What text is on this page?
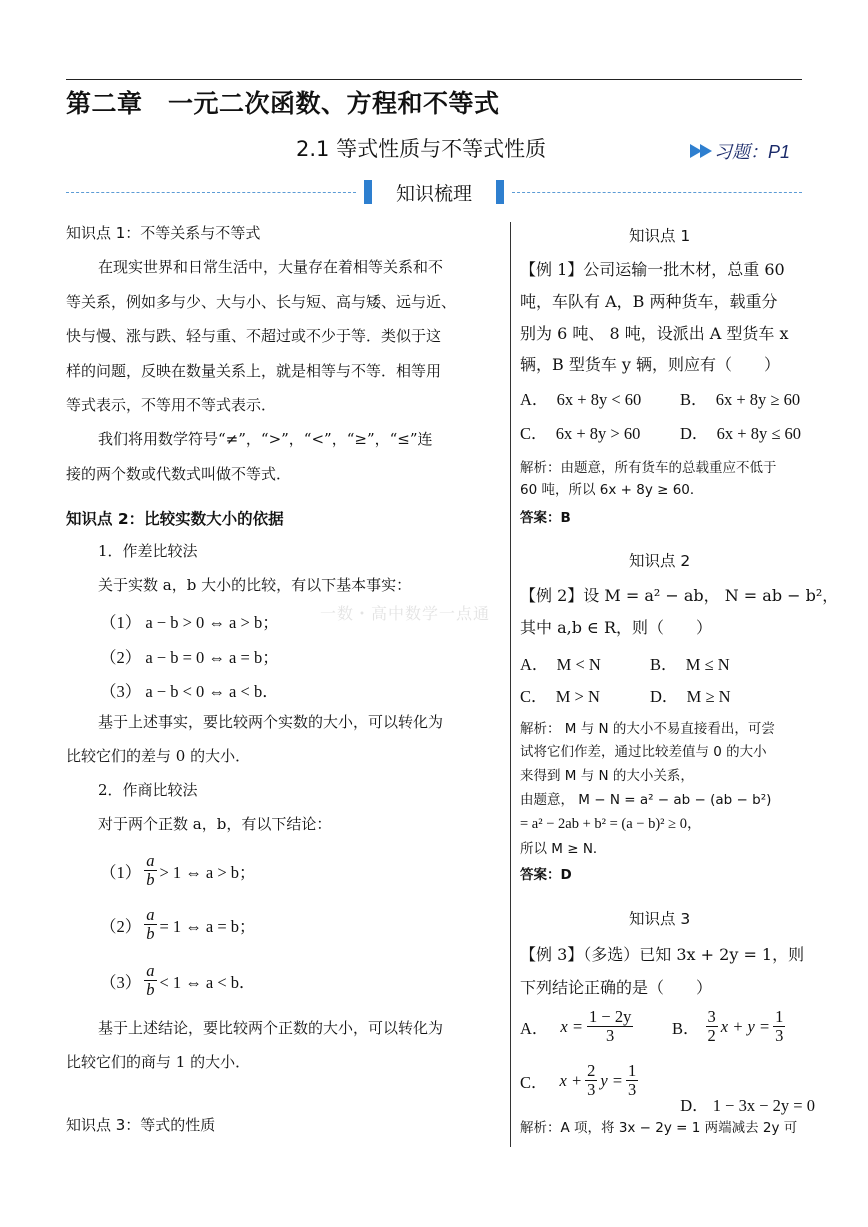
第二章　一元二次函数、方程和不等式
2.1 等式性质与不等式性质	习题：P1
知识梳理
一数・高中数学一点通
知识点 1：不等关系与不等式
在现实世界和日常生活中，大量存在着相等关系和不
等关系，例如多与少、大与小、长与短、高与矮、远与近、
快与慢、涨与跌、轻与重、不超过或不少于等．类似于这
样的问题，反映在数量关系上，就是相等与不等．相等用
等式表示，不等用不等式表示．
我们将用数学符号“≠”，“>”，“<”，“≥”，“≤”连
接的两个数或代数式叫做不等式．
知识点 2：比较实数大小的依据
1．作差比较法
关于实数 a，b 大小的比较，有以下基本事实：
（1） a − b > 0 ⇔ a > b；
（2） a − b = 0 ⇔ a = b；
（3） a − b < 0 ⇔ a < b．
基于上述事实，要比较两个实数的大小，可以转化为
比较它们的差与 0 的大小．
2．作商比较法
对于两个正数 a，b，有以下结论：
$(1) \frac{a}{b} > 1$ ⇔ a > b；
$(2) \frac{a}{b} = 1$ ⇔ a = b；
$(3) \frac{a}{b} < 1$ ⇔ a < b．
基于上述结论，要比较两个正数的大小，可以转化为
比较它们的商与 1 的大小．
知识点 3：等式的性质
知识点 1
【例 1】公司运输一批木材，总重 60
吨，车队有 A，B 两种货车，载重分
别为 6 吨、 8 吨，设派出 A 型货车 x
辆，B 型货车 y 辆，则应有（　　）
A．  6x + 8y < 60 B．  6x + 8y ≥ 60
C．  6x + 8y > 60 D．  6x + 8y ≤ 60
解析：由题意，所有货车的总载重应不低于
60 吨，所以 6x + 8y ≥ 60．
答案：B
知识点 2
【例 2】设 M = a² − ab， N = ab − b²，
其中 a,b ∈ R，则（　　）
A．  M < N	B．  M ≤ N
C．  M > N	D．  M ≥ N
解析： M 与 N 的大小不易直接看出，可尝
试将它们作差，通过比较差值与 0 的大小
来得到 M 与 N 的大小关系，
由题意， M − N = a² − ab − (ab − b²)
= a² − 2ab + b² = (a − b)² ≥ 0，
所以 M ≥ N．
答案：D
知识点 3
【例 3】（多选）已知 3x + 2y = 1，则
下列结论正确的是（　　）
A． $x = \frac{1 - 2y}{3}$ B． $\frac{3}{2}$ $x + y = \frac{1}{3}$
C． $x + \frac{2}{3}$ $y = \frac{1}{3}$

D． 1 − 3x − 2y = 0

解析：A 项，将 3x − 2y = 1 两端减去 2y 可
